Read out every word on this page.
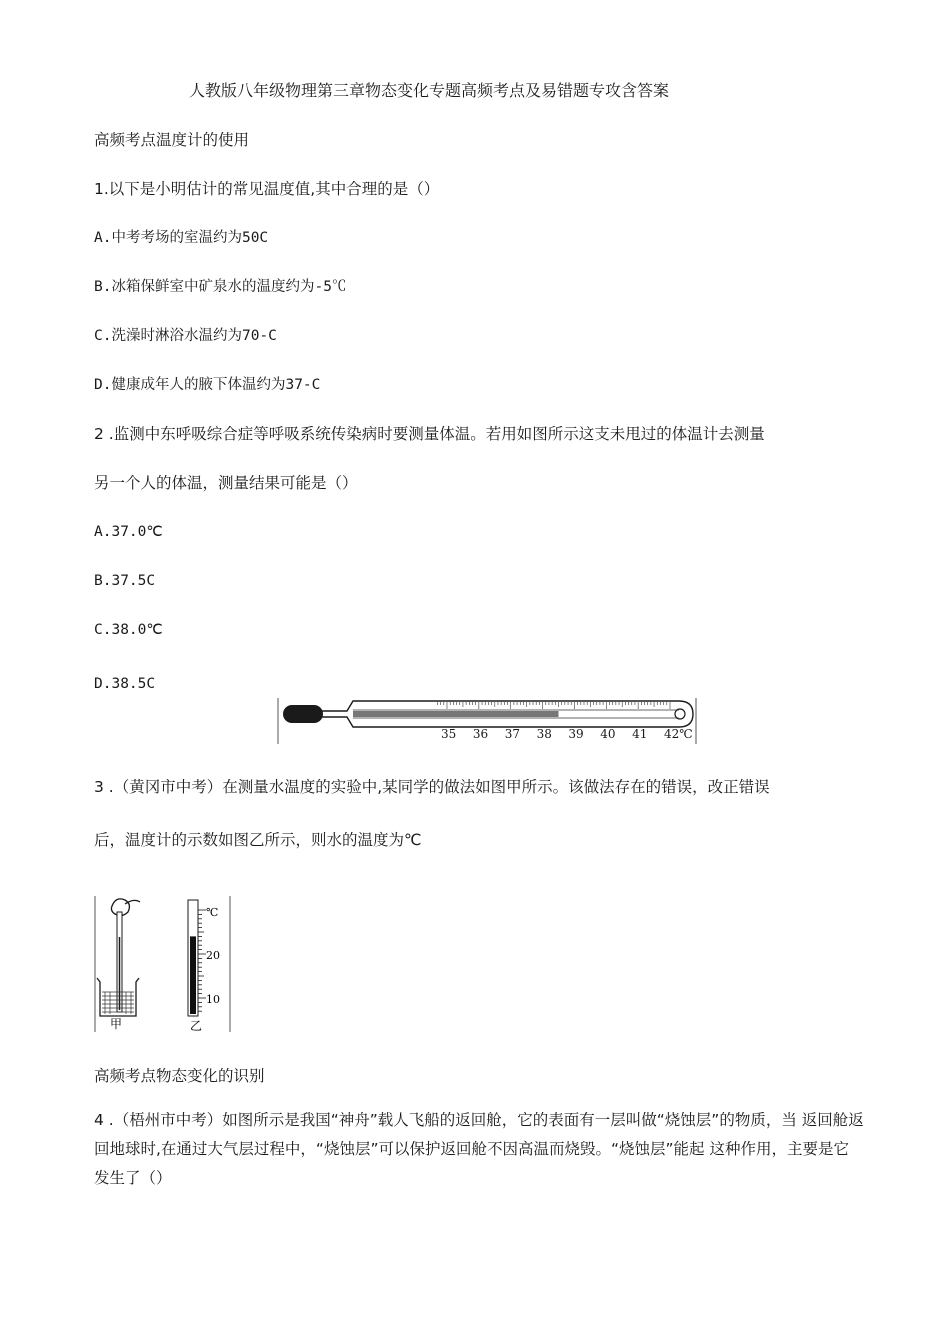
人教版八年级物理第三章物态变化专题高频考点及易错题专攻含答案
高频考点温度计的使用
1.以下是小明估计的常见温度值,其中合理的是（）
A.中考考场的室温约为50C
B.冰箱保鲜室中矿泉水的温度约为-5℃
C.洗澡时淋浴水温约为70-C
D.健康成年人的腋下体温约为37-C
2 .监测中东呼吸综合症等呼吸系统传染病时要测量体温。若用如图所示这支未甩过的体温计去测量
另一个人的体温，测量结果可能是（）
A.37.0℃
B.37.5C
C.38.0℃
D.38.5C
35 36 37 38 39 40 41 42℃
3 .（黄冈市中考）在测量水温度的实验中,某同学的做法如图甲所示。该做法存在的错误，改正错误
后，温度计的示数如图乙所示，则水的温度为℃
甲
℃
20
10
乙
高频考点物态变化的识别
4 .（梧州市中考）如图所示是我国“神舟”载人飞船的返回舱，它的表面有一层叫做“烧蚀层”的物质，当 返回舱返回地球时,在通过大气层过程中，“烧蚀层”可以保护返回舱不因高温而烧毁。“烧蚀层”能起 这种作用，主要是它发生了（）
